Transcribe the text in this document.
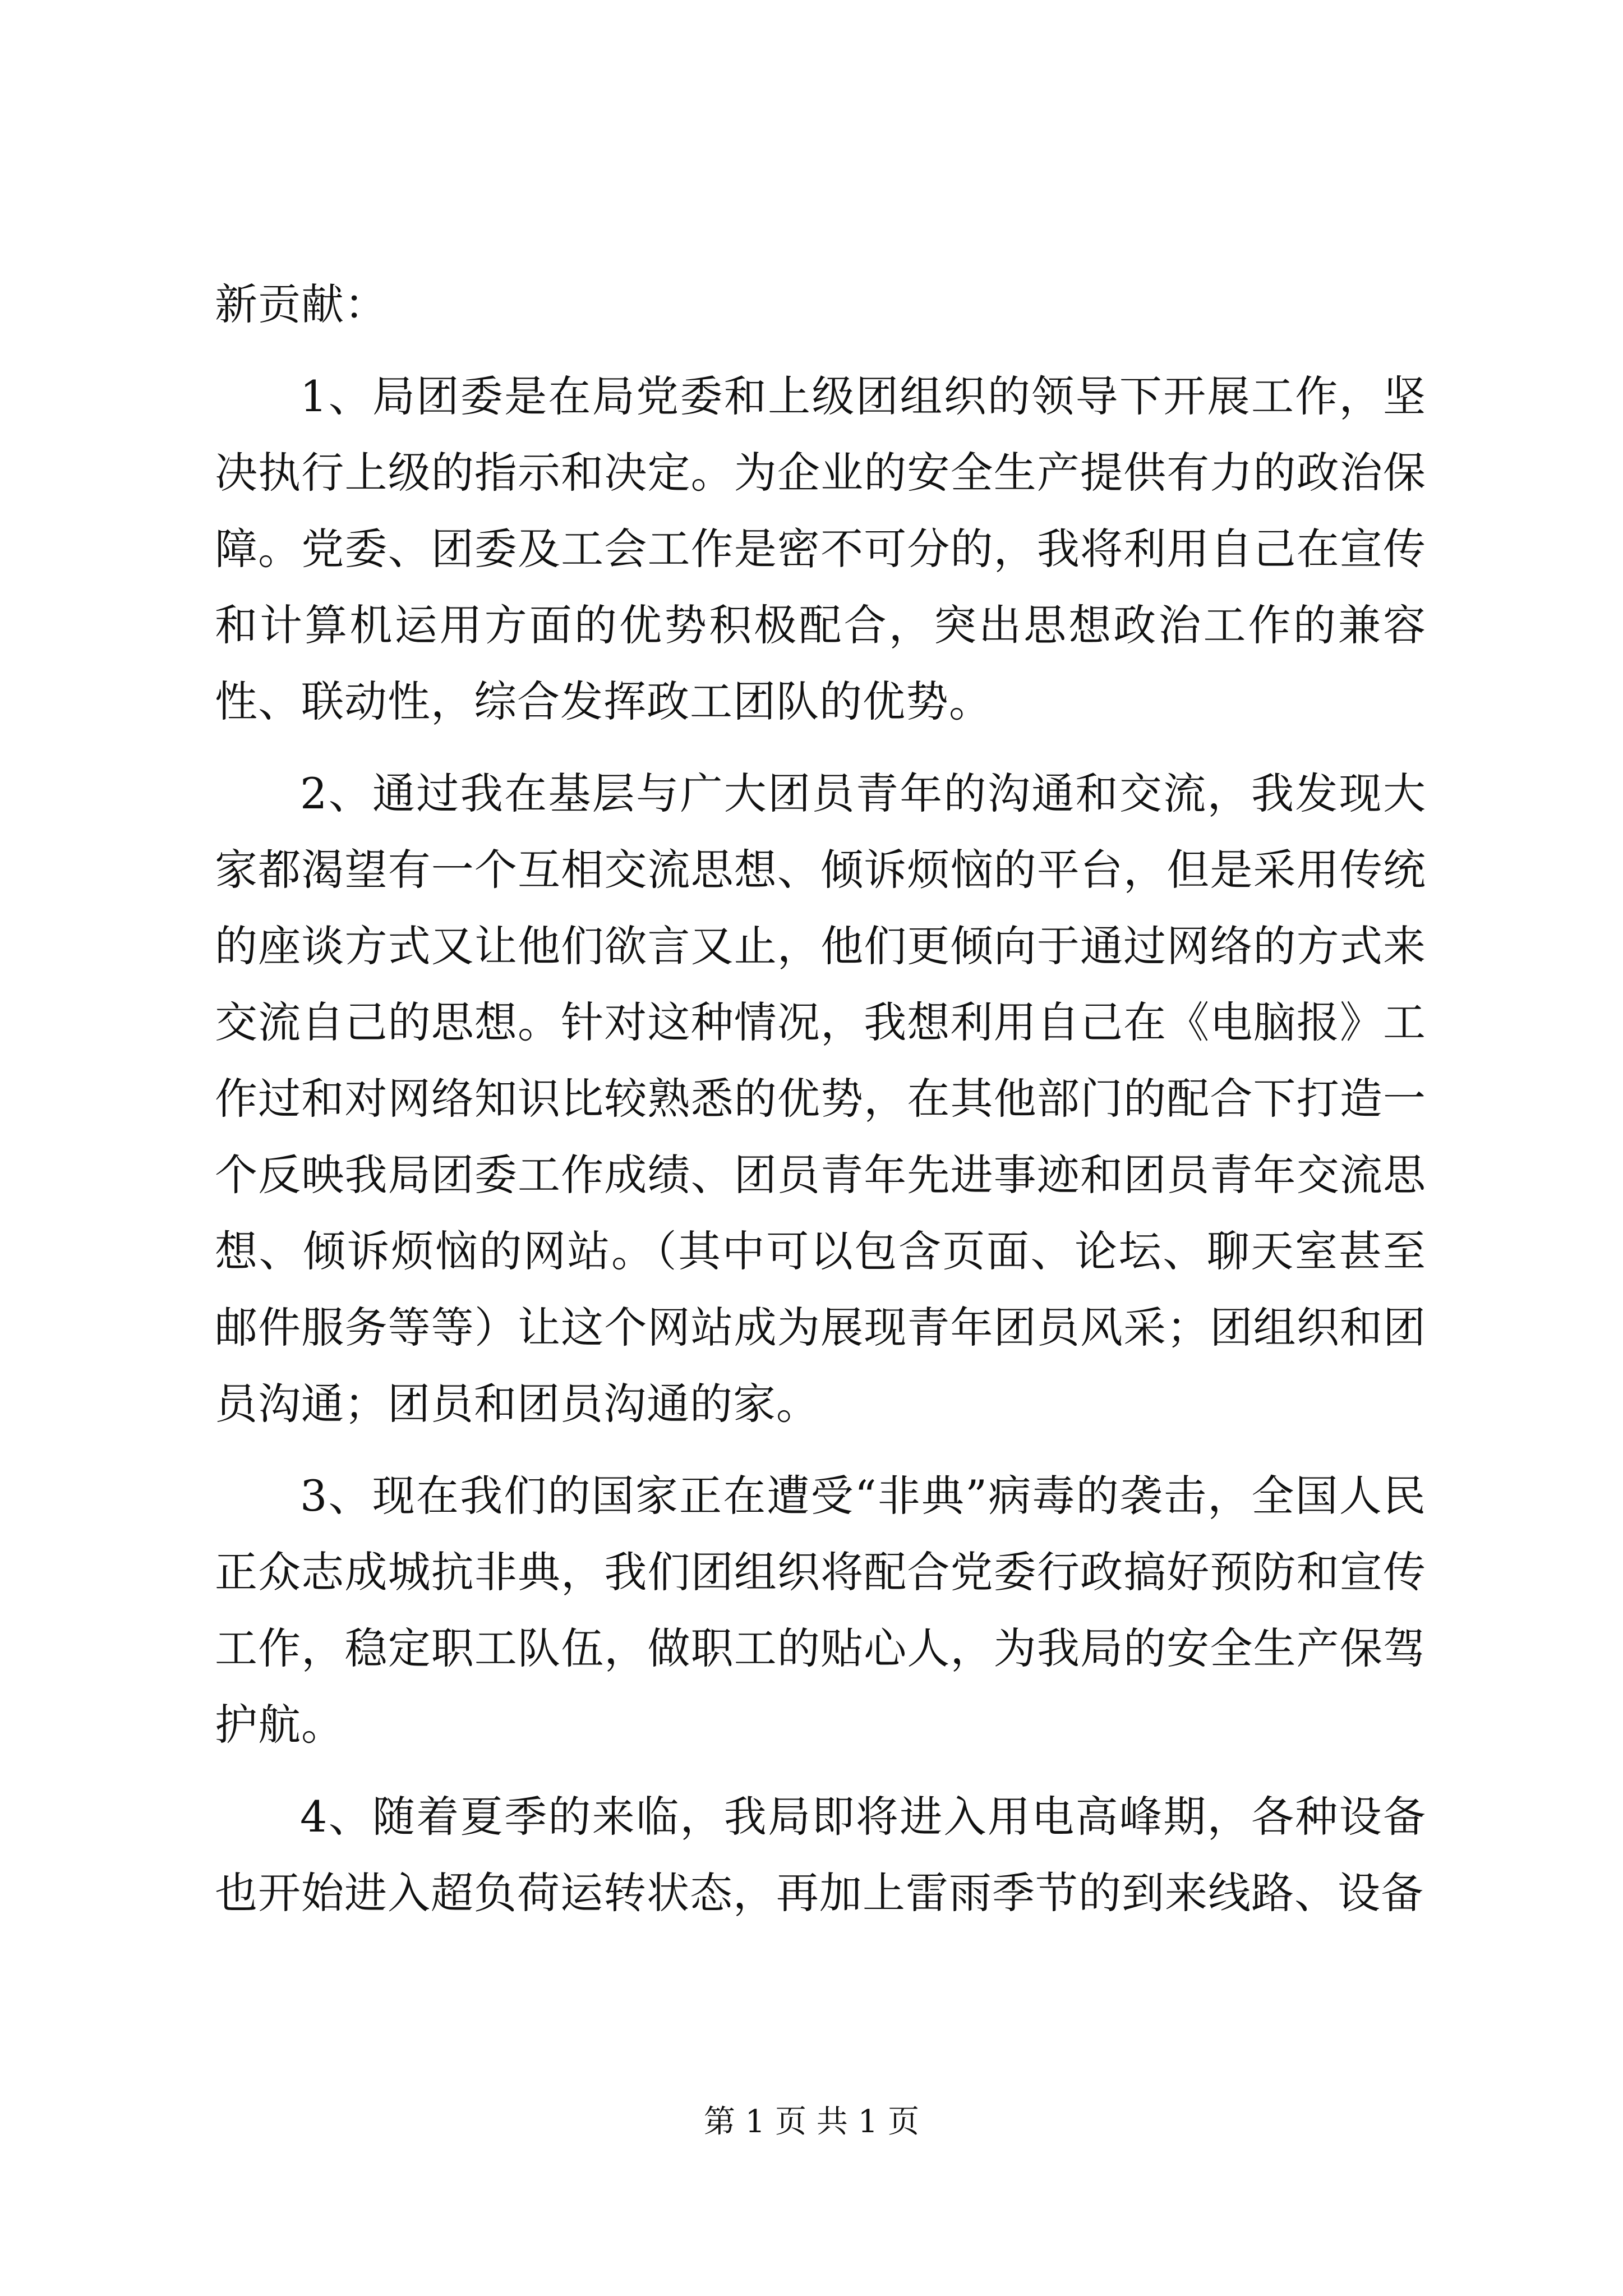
新贡献：

1、局团委是在局党委和上级团组织的领导下开展工作，坚决执行上级的指示和决定。为企业的安全生产提供有力的政治保障。党委、团委及工会工作是密不可分的，我将利用自己在宣传和计算机运用方面的优势积极配合，突出思想政治工作的兼容性、联动性，综合发挥政工团队的优势。

2、通过我在基层与广大团员青年的沟通和交流，我发现大家都渴望有一个互相交流思想、倾诉烦恼的平台，但是采用传统的座谈方式又让他们欲言又止，他们更倾向于通过网络的方式来交流自己的思想。针对这种情况，我想利用自己在《电脑报》工作过和对网络知识比较熟悉的优势，在其他部门的配合下打造一个反映我局团委工作成绩、团员青年先进事迹和团员青年交流思想、倾诉烦恼的网站。（其中可以包含页面、论坛、聊天室甚至邮件服务等等）让这个网站成为展现青年团员风采；团组织和团员沟通；团员和团员沟通的家。

3、现在我们的国家正在遭受“非典”病毒的袭击，全国人民正众志成城抗非典，我们团组织将配合党委行政搞好预防和宣传工作，稳定职工队伍，做职工的贴心人，为我局的安全生产保驾护航。

4、随着夏季的来临，我局即将进入用电高峰期，各种设备也开始进入超负荷运转状态，再加上雷雨季节的到来线路、设备

第 1 页 共 1 页
